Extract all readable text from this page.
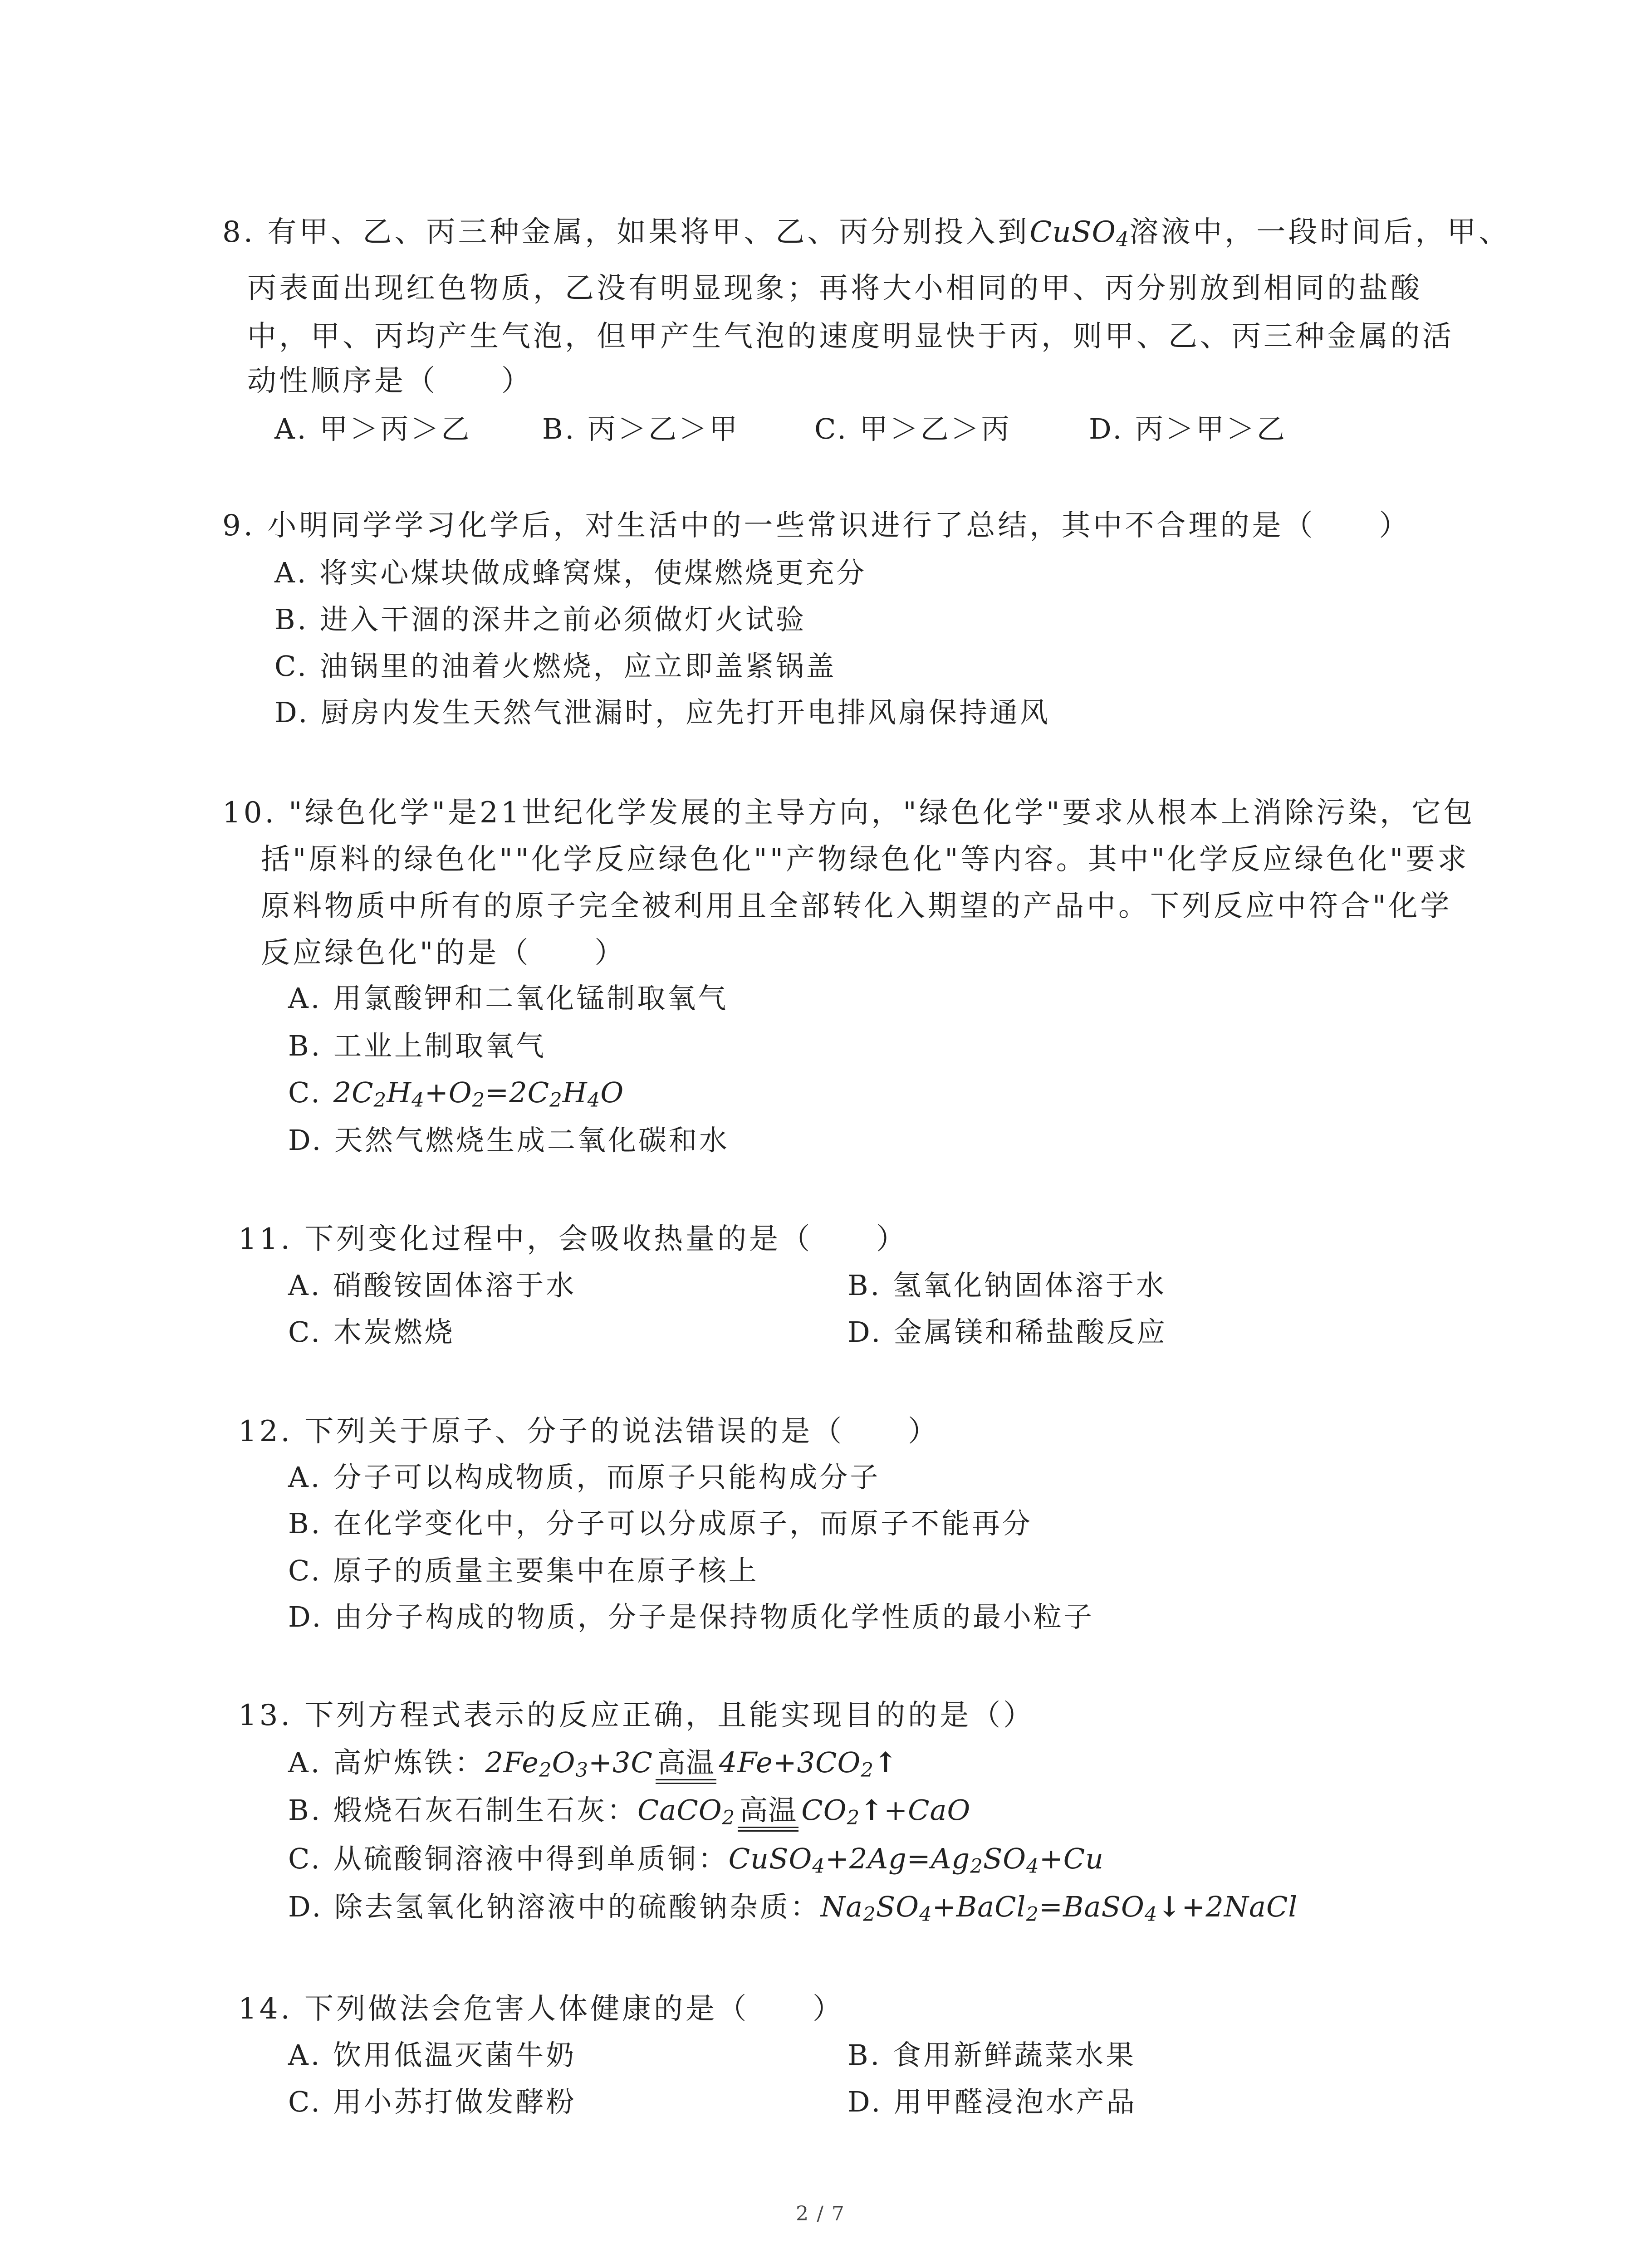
8. 有甲、乙、丙三种金属，如果将甲、乙、丙分别投入到CuSO$_4$溶液中，一段时间后，甲、
丙表面出现红色物质，乙没有明显现象；再将大小相同的甲、丙分别放到相同的盐酸
中，甲、丙均产生气泡，但甲产生气泡的速度明显快于丙，则甲、乙、丙三种金属的活
动性顺序是（　　）
A. 甲＞丙＞乙	B. 丙＞乙＞甲	C. 甲＞乙＞丙	D. 丙＞甲＞乙
9. 小明同学学习化学后，对生活中的一些常识进行了总结，其中不合理的是（　　）
A. 将实心煤块做成蜂窝煤，使煤燃烧更充分
B. 进入干涸的深井之前必须做灯火试验
C. 油锅里的油着火燃烧，应立即盖紧锅盖
D. 厨房内发生天然气泄漏时，应先打开电排风扇保持通风
10. "绿色化学"是21世纪化学发展的主导方向，"绿色化学"要求从根本上消除污染，它包
括"原料的绿色化""化学反应绿色化""产物绿色化"等内容。其中"化学反应绿色化"要求
原料物质中所有的原子完全被利用且全部转化入期望的产品中。下列反应中符合"化学
反应绿色化"的是（　　）
A. 用氯酸钾和二氧化锰制取氧气
B. 工业上制取氧气
C. $2C_2H_4+O_2=2C_2H_4O$
D. 天然气燃烧生成二氧化碳和水
11. 下列变化过程中，会吸收热量的是（　　）
A. 硝酸铵固体溶于水	B. 氢氧化钠固体溶于水
C. 木炭燃烧	D. 金属镁和稀盐酸反应
12. 下列关于原子、分子的说法错误的是（　　）
A. 分子可以构成物质，而原子只能构成分子
B. 在化学变化中，分子可以分成原子，而原子不能再分
C. 原子的质量主要集中在原子核上
D. 由分子构成的物质，分子是保持物质化学性质的最小粒子
13. 下列方程式表示的反应正确，且能实现目的的是（）
A. 高炉炼铁：$2Fe_2O_3+3C$ 高温 $4Fe+3CO_2↑$
B. 煅烧石灰石制生石灰：CaCO$_2$ 高温 $CO_2↑+CaO$
C. 从硫酸铜溶液中得到单质铜：$CuSO_4+2Ag=Ag_2SO_4+Cu$
D. 除去氢氧化钠溶液中的硫酸钠杂质：$Na_2SO_4+BaCl_2=BaSO_4↓+2NaCl$
14. 下列做法会危害人体健康的是（　　）
A. 饮用低温灭菌牛奶	B. 食用新鲜蔬菜水果
C. 用小苏打做发酵粉	D. 用甲醛浸泡水产品
2 / 7
